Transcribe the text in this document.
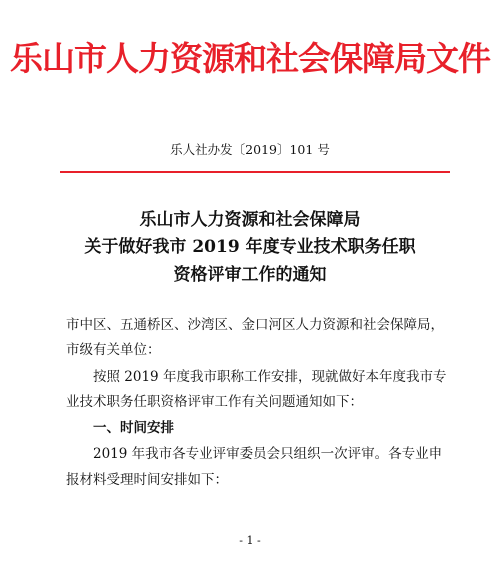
乐山市人力资源和社会保障局文件
乐人社办发〔2019〕101 号
乐山市人力资源和社会保障局
关于做好我市 2019 年度专业技术职务任职
资格评审工作的通知
市中区、五通桥区、沙湾区、金口河区人力资源和社会保障局，
市级有关单位：
按照 2019 年度我市职称工作安排，现就做好本年度我市专
业技术职务任职资格评审工作有关问题通知如下：
一、时间安排
2019 年我市各专业评审委员会只组织一次评审。各专业申
报材料受理时间安排如下：
- 1 -
